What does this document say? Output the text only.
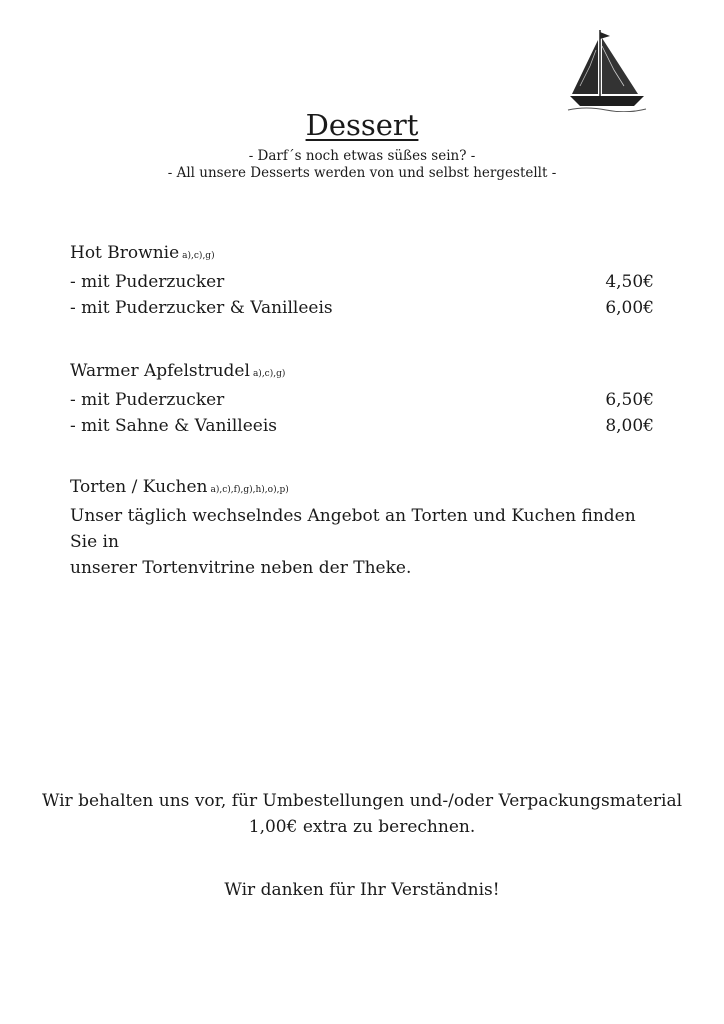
Dessert
- Darf´s noch etwas süßes sein? -
- All unsere Desserts werden von und selbst hergestellt -
Hot Brownie a),c),g)
- mit Puderzucker	4,50€
- mit Puderzucker & Vanilleeis	6,00€
Warmer Apfelstrudel a),c),g)
- mit Puderzucker	6,50€
- mit Sahne & Vanilleeis	8,00€
Torten / Kuchen a),c),f),g),h),o),p)
Unser täglich wechselndes Angebot an Torten und Kuchen finden Sie in
unserer Tortenvitrine neben der Theke.
Wir behalten uns vor, für Umbestellungen und-/oder Verpackungsmaterial
1,00€ extra zu berechnen.
Wir danken für Ihr Verständnis!
